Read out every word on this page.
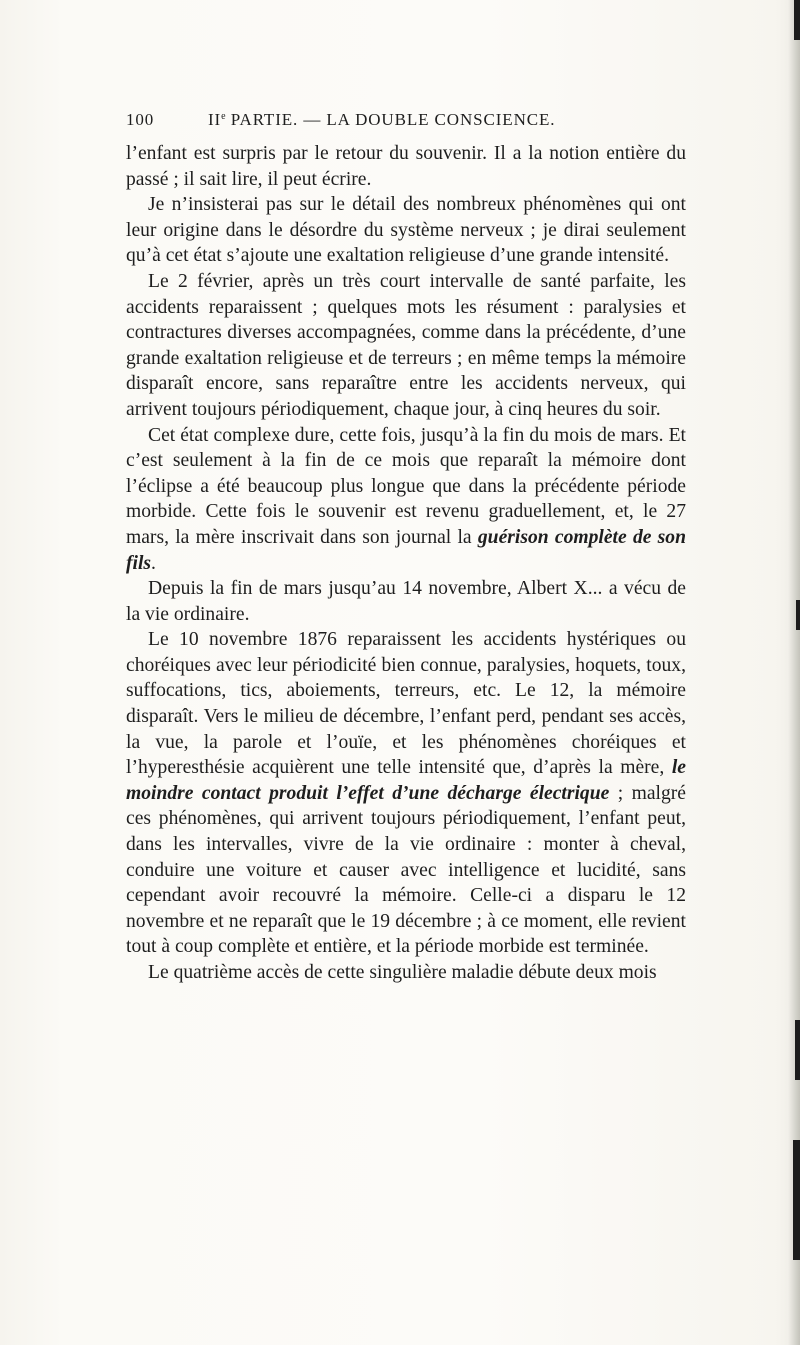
100	IIe PARTIE. — LA DOUBLE CONSCIENCE.

l’enfant est surpris par le retour du souvenir. Il a la notion entière du passé ; il sait lire, il peut écrire.

Je n’insisterai pas sur le détail des nombreux phénomènes qui ont leur origine dans le désordre du système nerveux ; je dirai seulement qu’à cet état s’ajoute une exaltation religieuse d’une grande intensité.

Le 2 février, après un très court intervalle de santé parfaite, les accidents reparaissent ; quelques mots les résument : paralysies et contractures diverses accompagnées, comme dans la précédente, d’une grande exaltation religieuse et de terreurs ; en même temps la mémoire disparaît encore, sans reparaître entre les accidents nerveux, qui arrivent toujours périodiquement, chaque jour, à cinq heures du soir.

Cet état complexe dure, cette fois, jusqu’à la fin du mois de mars. Et c’est seulement à la fin de ce mois que reparaît la mémoire dont l’éclipse a été beaucoup plus longue que dans la précédente période morbide. Cette fois le souvenir est revenu graduellement, et, le 27 mars, la mère inscrivait dans son journal la guérison complète de son fils.

Depuis la fin de mars jusqu’au 14 novembre, Albert X... a vécu de la vie ordinaire.

Le 10 novembre 1876 reparaissent les accidents hystériques ou choréiques avec leur périodicité bien connue, paralysies, hoquets, toux, suffocations, tics, aboiements, terreurs, etc. Le 12, la mémoire disparaît. Vers le milieu de décembre, l’enfant perd, pendant ses accès, la vue, la parole et l’ouïe, et les phénomènes choréiques et l’hyperesthésie acquièrent une telle intensité que, d’après la mère, le moindre contact produit l’effet d’une décharge électrique ; malgré ces phénomènes, qui arrivent toujours périodiquement, l’enfant peut, dans les intervalles, vivre de la vie ordinaire : monter à cheval, conduire une voiture et causer avec intelligence et lucidité, sans cependant avoir recouvré la mémoire. Celle-ci a disparu le 12 novembre et ne reparaît que le 19 décembre ; à ce moment, elle revient tout à coup complète et entière, et la période morbide est terminée.

Le quatrième accès de cette singulière maladie débute deux mois
